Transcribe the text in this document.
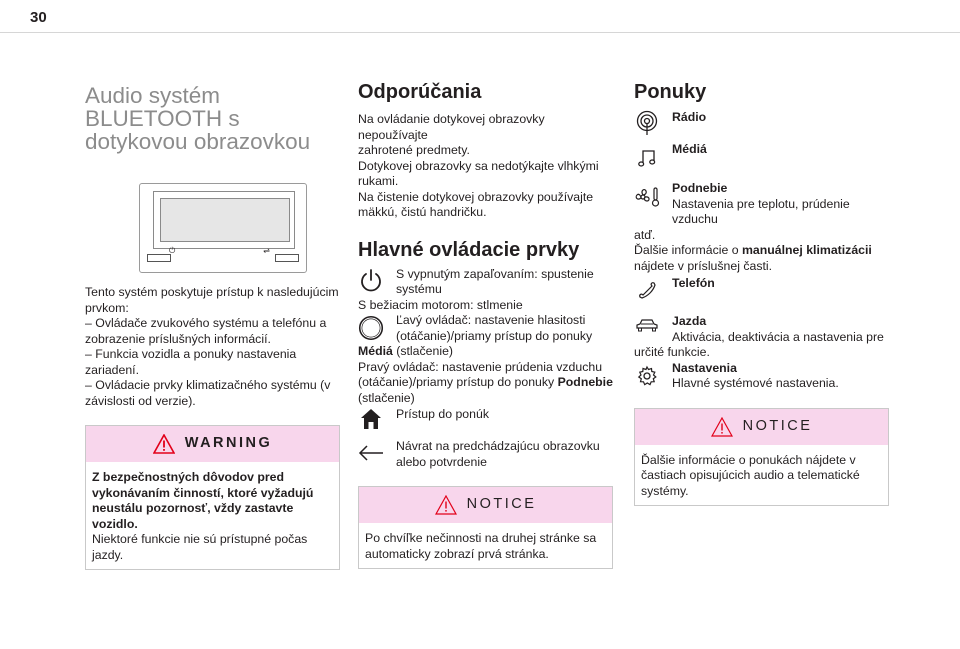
30
Audio systém
BLUETOOTH s
dotykovou obrazovkou
⏻	⇌
Tento systém poskytuje prístup k nasledujúcim
prvkom:
– Ovládače zvukového systému a telefónu a
zobrazenie príslušných informácií.
– Funkcia vozidla a ponuky nastavenia
zariadení.
– Ovládacie prvky klimatizačného systému (v
závislosti od verzie).
WARNING
Z bezpečnostných dôvodov pred vykonávaním činností, ktoré vyžadujú neustálu pozornosť, vždy zastavte vozidlo.
Niektoré funkcie nie sú prístupné počas jazdy.
Odporúčania
Na ovládanie dotykovej obrazovky nepoužívajte
zahrotené predmety.
Dotykovej obrazovky sa nedotýkajte vlhkými
rukami.
Na čistenie dotykovej obrazovky používajte
mäkkú, čistú handričku.
Hlavné ovládacie prvky
S vypnutým zapaľovaním: spustenie
systému
S bežiacim motorom: stlmenie
Ľavý ovládač: nastavenie hlasitosti
(otáčanie)/priamy prístup do ponuky
Médiá (stlačenie)
Pravý ovládač: nastavenie prúdenia vzduchu
(otáčanie)/priamy prístup do ponuky Podnebie
(stlačenie)
Prístup do ponúk
Návrat na predchádzajúcu obrazovku
alebo potvrdenie
NOTICE
Po chvíľke nečinnosti na druhej stránke sa automaticky zobrazí prvá stránka.
Ponuky
Rádio
Médiá
Podnebie
Nastavenia pre teplotu, prúdenie vzduchu
atď.
Ďalšie informácie o manuálnej klimatizácii
nájdete v príslušnej časti.
Telefón
Jazda
Aktivácia, deaktivácia a nastavenia pre
určité funkcie.
Nastavenia
Hlavné systémové nastavenia.
NOTICE
Ďalšie informácie o ponukách nájdete v častiach opisujúcich audio a telematické systémy.
